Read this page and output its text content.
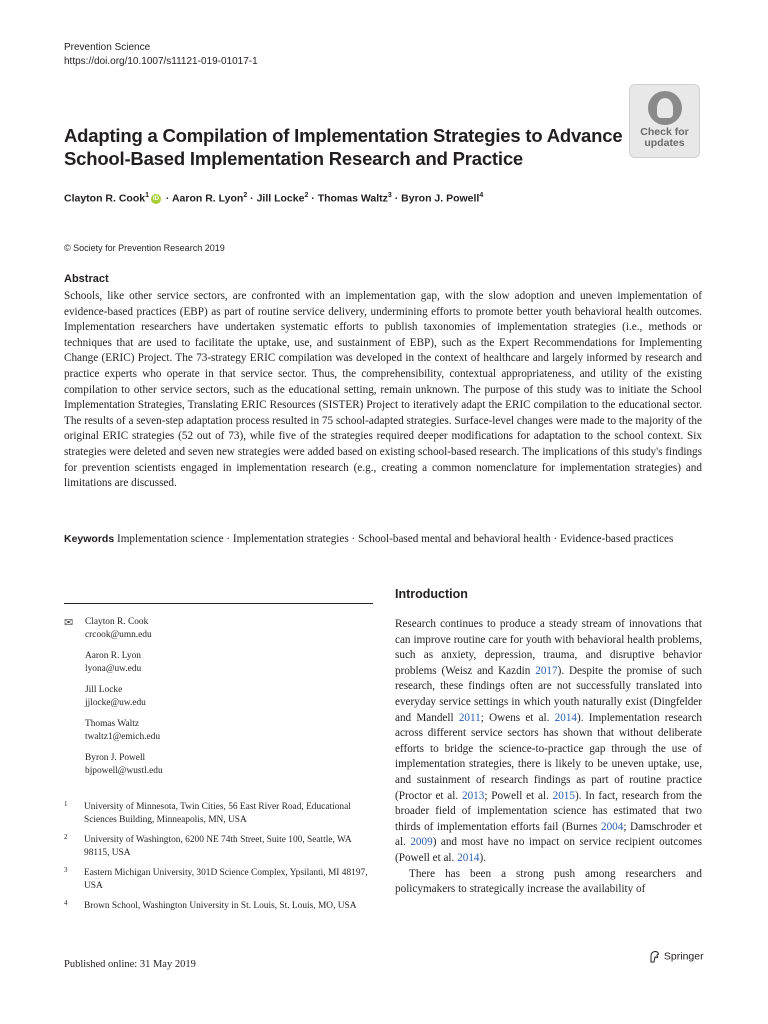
Prevention Science
https://doi.org/10.1007/s11121-019-01017-1
Check for
updates
Adapting a Compilation of Implementation Strategies to Advance School-Based Implementation Research and Practice
Clayton R. Cook$^1$ iD · Aaron R. Lyon$^2$ · Jill Locke$^2$ · Thomas Waltz$^3$ · Byron J. Powell$^4$
© Society for Prevention Research 2019
Abstract
Schools, like other service sectors, are confronted with an implementation gap, with the slow adoption and uneven implementation of evidence-based practices (EBP) as part of routine service delivery, undermining efforts to promote better youth behavioral health outcomes. Implementation researchers have undertaken systematic efforts to publish taxonomies of implementation strategies (i.e., methods or techniques that are used to facilitate the uptake, use, and sustainment of EBP), such as the Expert Recommendations for Implementing Change (ERIC) Project. The 73-strategy ERIC compilation was developed in the context of healthcare and largely informed by research and practice experts who operate in that service sector. Thus, the comprehensibility, contextual appropriateness, and utility of the existing compilation to other service sectors, such as the educational setting, remain unknown. The purpose of this study was to initiate the School Implementation Strategies, Translating ERIC Resources (SISTER) Project to iteratively adapt the ERIC compilation to the educational sector. The results of a seven-step adaptation process resulted in 75 school-adapted strategies. Surface-level changes were made to the majority of the original ERIC strategies (52 out of 73), while five of the strategies required deeper modifications for adaptation to the school context. Six strategies were deleted and seven new strategies were added based on existing school-based research. The implications of this study's findings for prevention scientists engaged in implementation research (e.g., creating a common nomenclature for implementation strategies) and limitations are discussed.
Keywords Implementation science · Implementation strategies · School-based mental and behavioral health · Evidence-based practices
✉ Clayton R. Cook
crcook@umn.edu
Aaron R. Lyon
lyona@uw.edu
Jill Locke
jjlocke@uw.edu
Thomas Waltz
twaltz1@emich.edu
Byron J. Powell
bjpowell@wustl.edu
1 University of Minnesota, Twin Cities, 56 East River Road, Educational Sciences Building, Minneapolis, MN, USA
2 University of Washington, 6200 NE 74th Street, Suite 100, Seattle, WA 98115, USA
3 Eastern Michigan University, 301D Science Complex, Ypsilanti, MI 48197, USA
4 Brown School, Washington University in St. Louis, St. Louis, MO, USA
Introduction

Research continues to produce a steady stream of innovations that can improve routine care for youth with behavioral health problems, such as anxiety, depression, trauma, and disruptive behavior problems (Weisz and Kazdin 2017). Despite the promise of such research, these findings often are not successfully translated into everyday service settings in which youth naturally exist (Dingfelder and Mandell 2011; Owens et al. 2014). Implementation research across different service sectors has shown that without deliberate efforts to bridge the science-to-practice gap through the use of implementation strategies, there is likely to be uneven uptake, use, and sustainment of research findings as part of routine practice (Proctor et al. 2013; Powell et al. 2015). In fact, research from the broader field of implementation science has estimated that two thirds of implementation efforts fail (Burnes 2004; Damschroder et al. 2009) and most have no impact on service recipient outcomes (Powell et al. 2014).

There has been a strong push among researchers and policymakers to strategically increase the availability of

Published online: 31 May 2019
Springer
